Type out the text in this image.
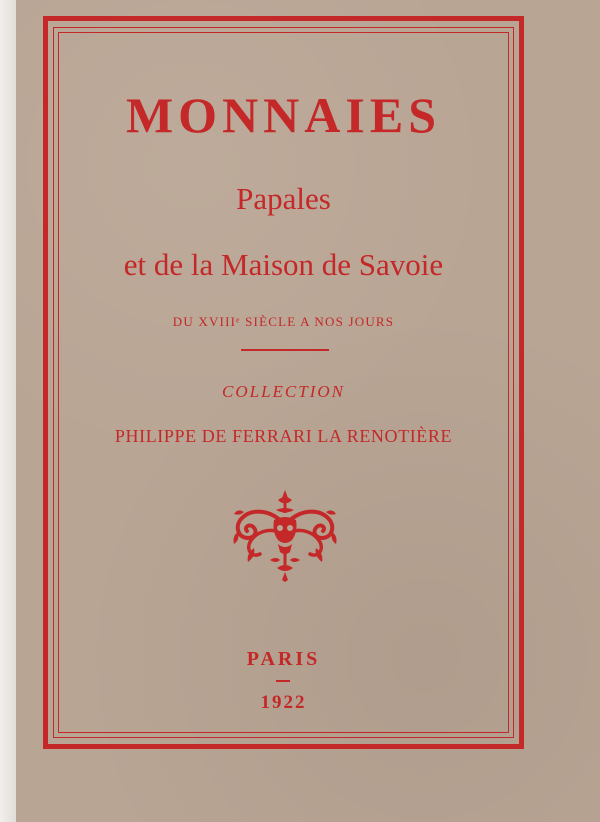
MONNAIES
Papales
et de la Maison de Savoie
DU XVIIIᵉ SIÈCLE A NOS JOURS
COLLECTION
PHILIPPE DE FERRARI LA RENOTIÈRE
PARIS
1922
